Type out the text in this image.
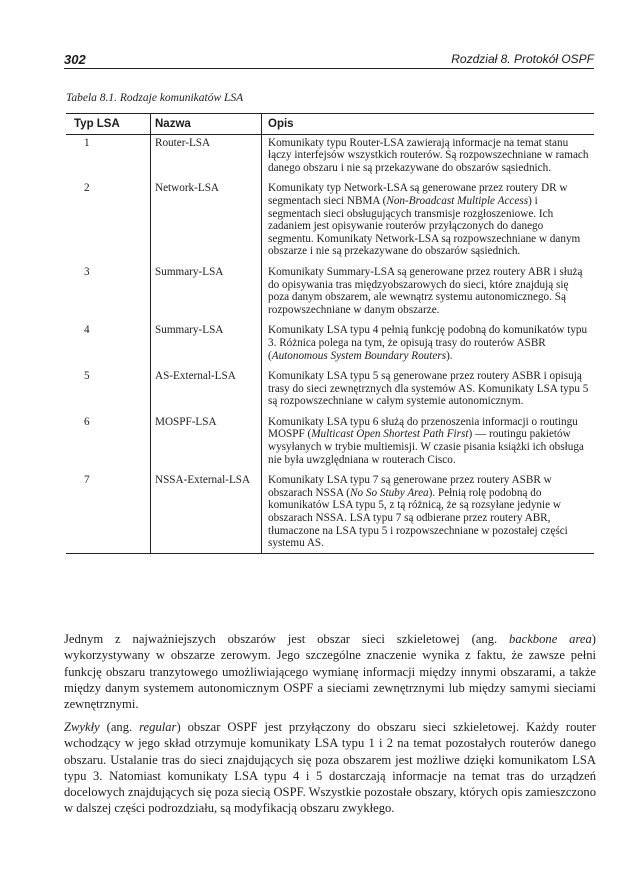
302	Rozdział 8. Protokół OSPF
Tabela 8.1. Rodzaje komunikatów LSA
Typ LSA	Nazwa	Opis
1	Router-LSA	Komunikaty typu Router-LSA zawierają informacje na temat stanu łączy interfejsów wszystkich routerów. Są rozpowszechniane w ramach danego obszaru i nie są przekazywane do obszarów sąsiednich.
2	Network-LSA	Komunikaty typ Network-LSA są generowane przez routery DR w segmentach sieci NBMA (Non-Broadcast Multiple Access) i segmentach sieci obsługujących transmisje rozgłoszeniowe. Ich zadaniem jest opisywanie routerów przyłączonych do danego segmentu. Komunikaty Network-LSA są rozpowszechniane w danym obszarze i nie są przekazywane do obszarów sąsiednich.
3	Summary-LSA	Komunikaty Summary-LSA są generowane przez routery ABR i służą do opisywania tras międzyobszarowych do sieci, które znajdują się poza danym obszarem, ale wewnątrz systemu autonomicznego. Są rozpowszechniane w danym obszarze.
4	Summary-LSA	Komunikaty LSA typu 4 pełnią funkcję podobną do komunikatów typu 3. Różnica polega na tym, że opisują trasy do routerów ASBR (Autonomous System Boundary Routers).
5	AS-External-LSA	Komunikaty LSA typu 5 są generowane przez routery ASBR i opisują trasy do sieci zewnętrznych dla systemów AS. Komunikaty LSA typu 5 są rozpowszechniane w całym systemie autonomicznym.
6	MOSPF-LSA	Komunikaty LSA typu 6 służą do przenoszenia informacji o routingu MOSPF (Multicast Open Shortest Path First) — routingu pakietów wysyłanych w trybie multiemisji. W czasie pisania książki ich obsługa nie była uwzględniana w routerach Cisco.
7	NSSA-External-LSA	Komunikaty LSA typu 7 są generowane przez routery ASBR w obszarach NSSA (No So Stuby Area). Pełnią rolę podobną do komunikatów LSA typu 5, z tą różnicą, że są rozsyłane jedynie w obszarach NSSA. LSA typu 7 są odbierane przez routery ABR, tłumaczone na LSA typu 5 i rozpowszechniane w pozostałej części systemu AS.

Jednym z najważniejszych obszarów jest obszar sieci szkieletowej (ang. backbone area) wykorzystywany w obszarze zerowym. Jego szczególne znaczenie wynika z faktu, że zawsze pełni funkcję obszaru tranzytowego umożliwiającego wymianę informacji między innymi obszarami, a także między danym systemem autonomicznym OSPF a sieciami zewnętrznymi lub między samymi sieciami zewnętrznymi.

Zwykły (ang. regular) obszar OSPF jest przyłączony do obszaru sieci szkieletowej. Każdy router wchodzący w jego skład otrzymuje komunikaty LSA typu 1 i 2 na temat pozostałych routerów danego obszaru. Ustalanie tras do sieci znajdujących się poza obszarem jest możliwe dzięki komunikatom LSA typu 3. Natomiast komunikaty LSA typu 4 i 5 dostarczają informacje na temat tras do urządzeń docelowych znajdujących się poza siecią OSPF. Wszystkie pozostałe obszary, których opis zamieszczono w dalszej części podrozdziału, są modyfikacją obszaru zwykłego.
